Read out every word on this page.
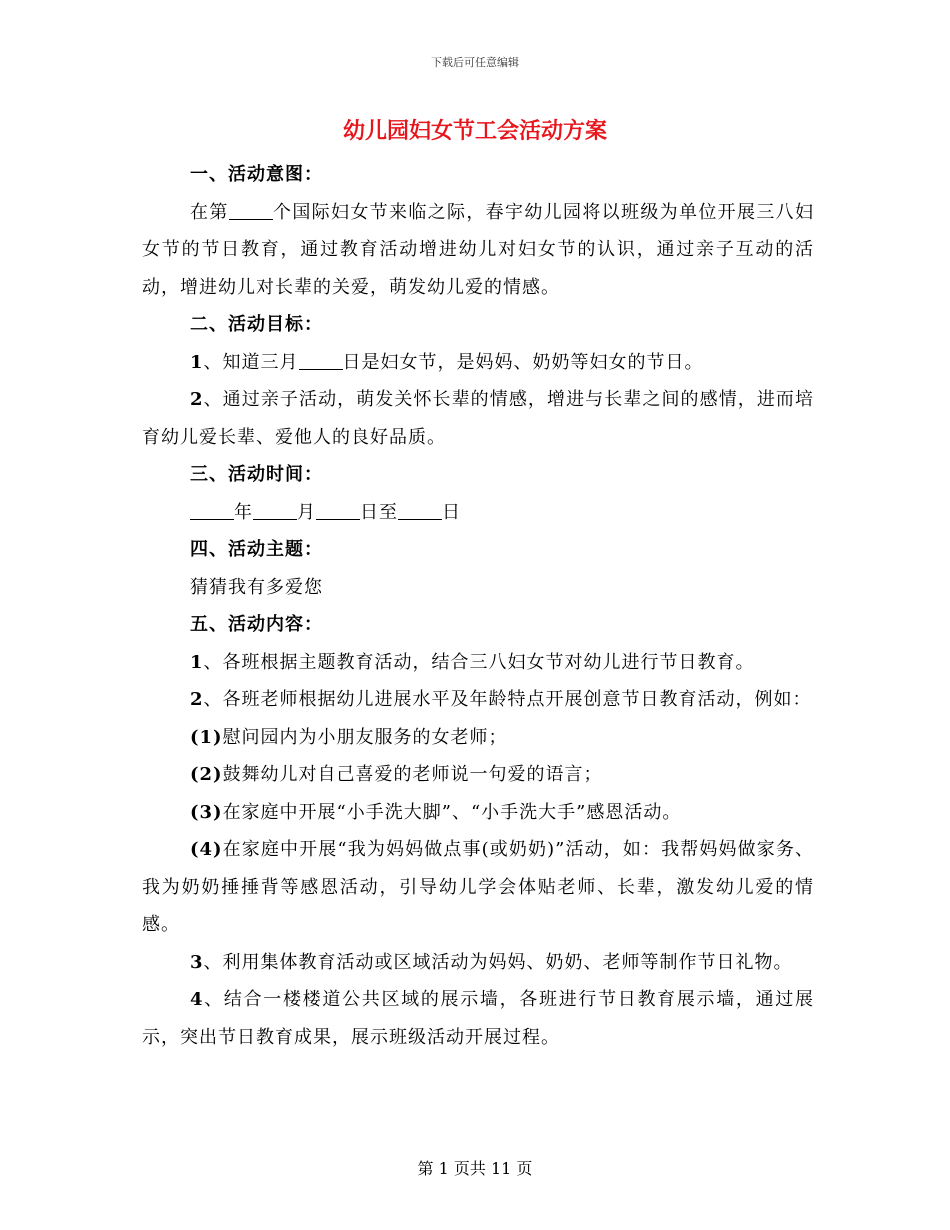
下载后可任意编辑
幼儿园妇女节工会活动方案

一、活动意图：

在第 个国际妇女节来临之际，春宇幼儿园将以班级为单位开展三八妇女节的节日教育，通过教育活动增进幼儿对妇女节的认识，通过亲子互动的活动，增进幼儿对长辈的关爱，萌发幼儿爱的情感。

二、活动目标：

1、知道三月 日是妇女节，是妈妈、奶奶等妇女的节日。

2、通过亲子活动，萌发关怀长辈的情感，增进与长辈之间的感情，进而培育幼儿爱长辈、爱他人的良好品质。

三、活动时间：

年 月 日至 日

四、活动主题：

猜猜我有多爱您

五、活动内容：

1、各班根据主题教育活动，结合三八妇女节对幼儿进行节日教育。

2、各班老师根据幼儿进展水平及年龄特点开展创意节日教育活动，例如：

(1)慰问园内为小朋友服务的女老师；

(2)鼓舞幼儿对自己喜爱的老师说一句爱的语言；

(3)在家庭中开展“小手洗大脚”、“小手洗大手”感恩活动。

(4)在家庭中开展“我为妈妈做点事(或奶奶)”活动，如：我帮妈妈做家务、我为奶奶捶捶背等感恩活动，引导幼儿学会体贴老师、长辈，激发幼儿爱的情感。

3、利用集体教育活动或区域活动为妈妈、奶奶、老师等制作节日礼物。

4、结合一楼楼道公共区域的展示墙，各班进行节日教育展示墙，通过展示，突出节日教育成果，展示班级活动开展过程。

第 1 页共 11 页
